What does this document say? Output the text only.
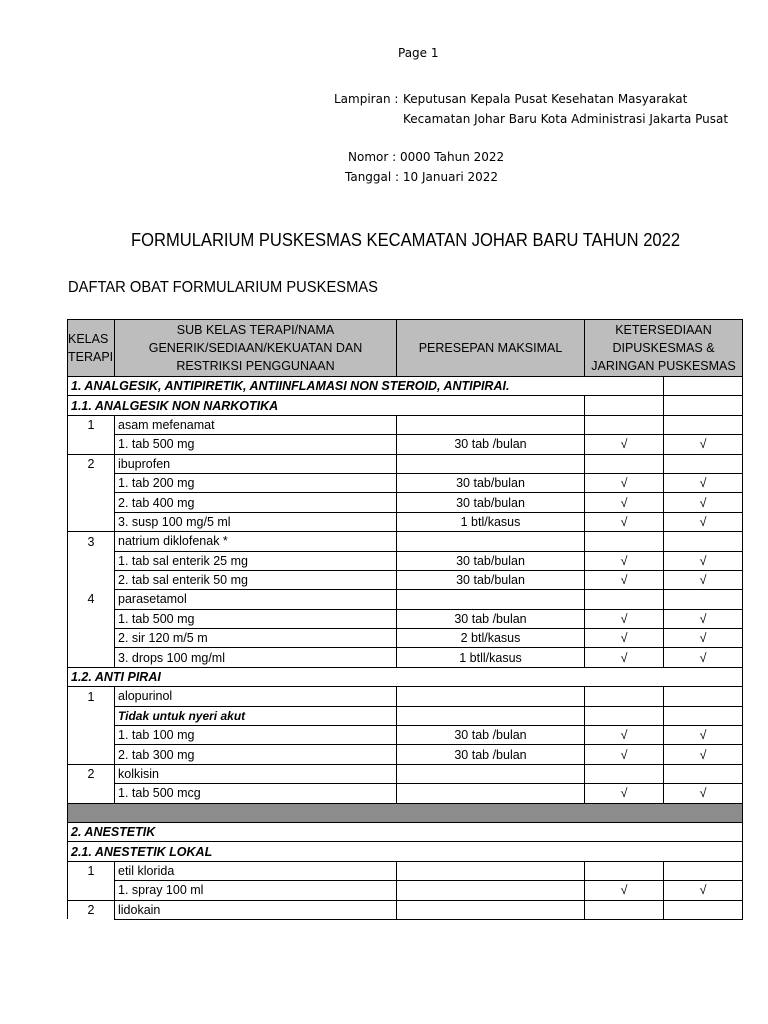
Page 1
Lampiran : Keputusan Kepala Pusat Kesehatan Masyarakat
Kecamatan Johar Baru Kota Administrasi Jakarta Pusat
Nomor : 0000 Tahun 2022
Tanggal : 10 Januari 2022
FORMULARIUM PUSKESMAS KECAMATAN JOHAR BARU TAHUN 2022
DAFTAR OBAT FORMULARIUM PUSKESMAS
KELAS TERAPI	SUB KELAS TERAPI/NAMA GENERIK/SEDIAAN/KEKUATAN DAN RESTRIKSI PENGGUNAAN	PERESEPAN MAKSIMAL	KETERSEDIAAN DIPUSKESMAS & JARINGAN PUSKESMAS	
1. ANALGESIK, ANTIPIRETIK, ANTIINFLAMASI NON STEROID, ANTIPIRAI.				
1.1. ANALGESIK NON NARKOTIKA				
1	asam mefenamat			
	1. tab 500 mg	30 tab /bulan	√	√
2	ibuprofen			
	1. tab 200 mg	30 tab/bulan	√	√
	2. tab 400 mg	30 tab/bulan	√	√
	3. susp 100 mg/5 ml	1 btl/kasus	√	√
3	natrium diklofenak *			
	1. tab sal enterik 25 mg	30 tab/bulan	√	√
	2. tab sal enterik 50 mg	30 tab/bulan	√	√
4	parasetamol			
	1. tab 500 mg	30 tab /bulan	√	√
	2. sir 120 m/5 m	2 btl/kasus	√	√
	3. drops 100 mg/ml	1 btll/kasus	√	√
1.2. ANTI PIRAI				
1	alopurinol			
	Tidak untuk nyeri akut			
	1. tab 100 mg	30 tab /bulan	√	√
	2. tab 300 mg	30 tab /bulan	√	√
2	kolkisin			
	1. tab 500 mcg		√	√

2. ANESTETIK				
2.1. ANESTETIK LOKAL				
1	etil klorida			
	1. spray 100 ml		√	√
2	lidokain			
